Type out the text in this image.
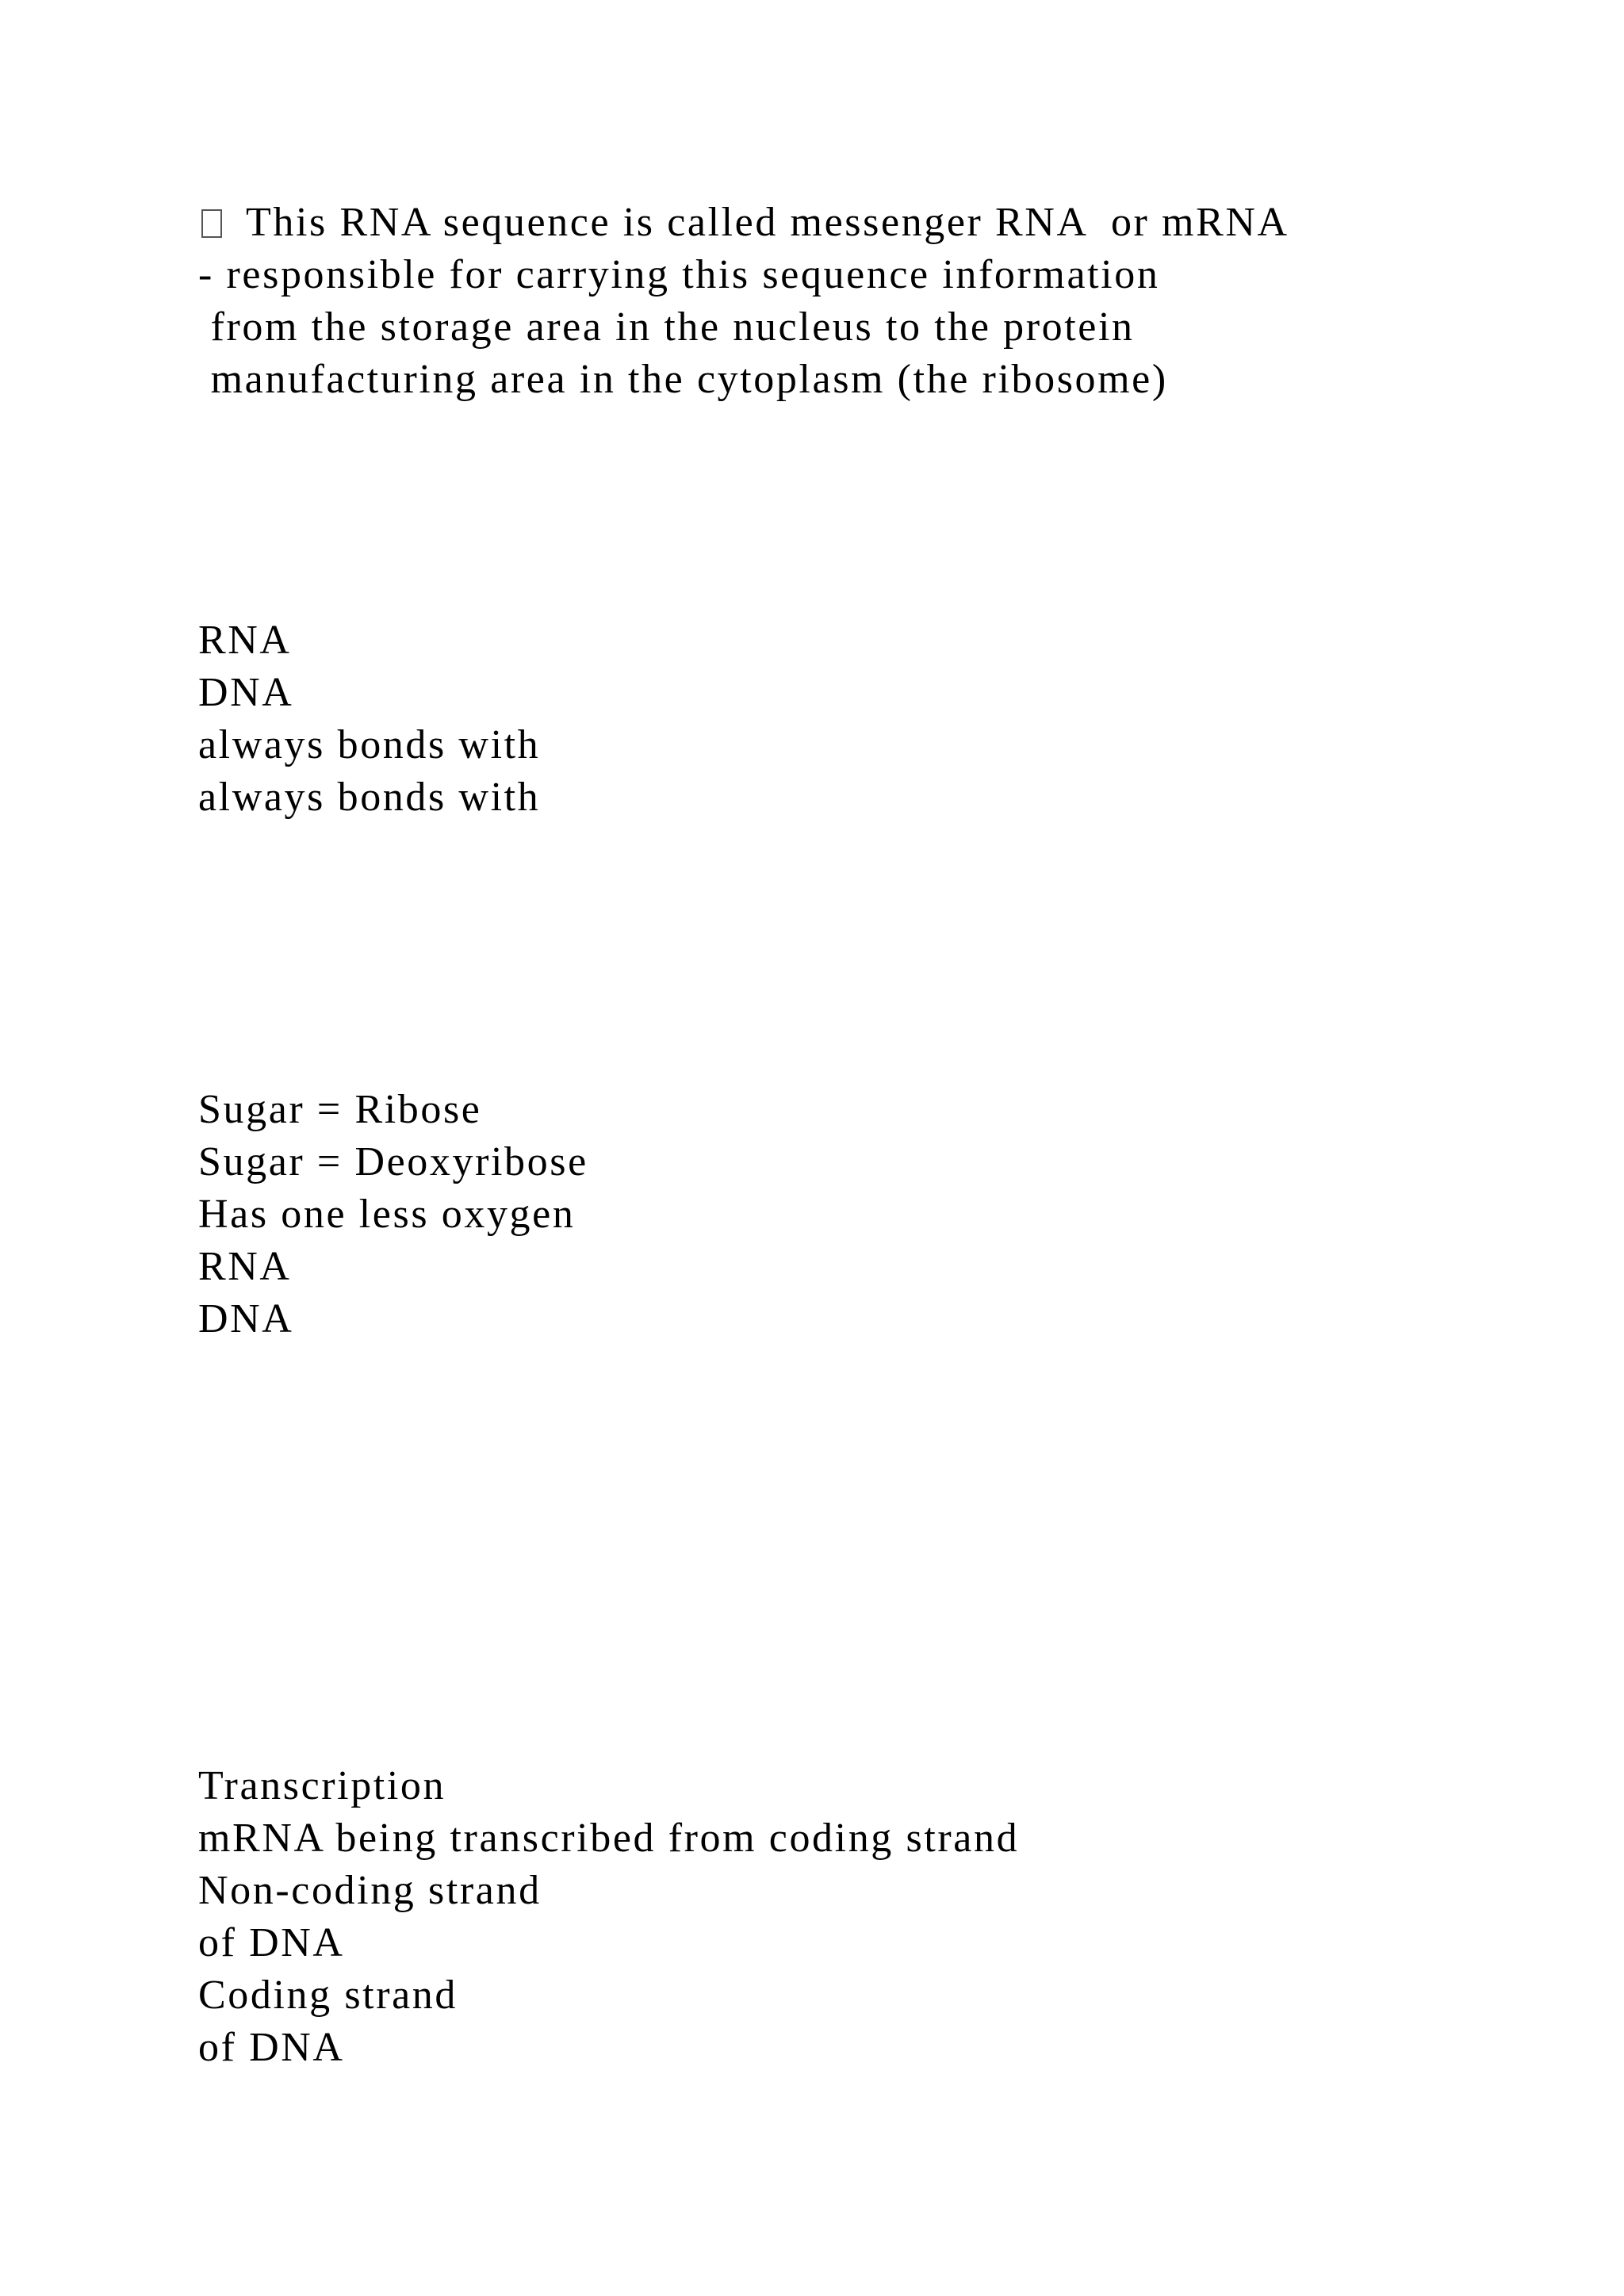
This RNA sequence is called messenger RNA  or mRNA
- responsible for carrying this sequence information
from the storage area in the nucleus to the protein
manufacturing area in the cytoplasm (the ribosome)
RNA
DNA
always bonds with
always bonds with
Sugar = Ribose
Sugar = Deoxyribose
Has one less oxygen
RNA
DNA
Transcription
mRNA being transcribed from coding strand
Non-coding strand
of DNA
Coding strand
of DNA
